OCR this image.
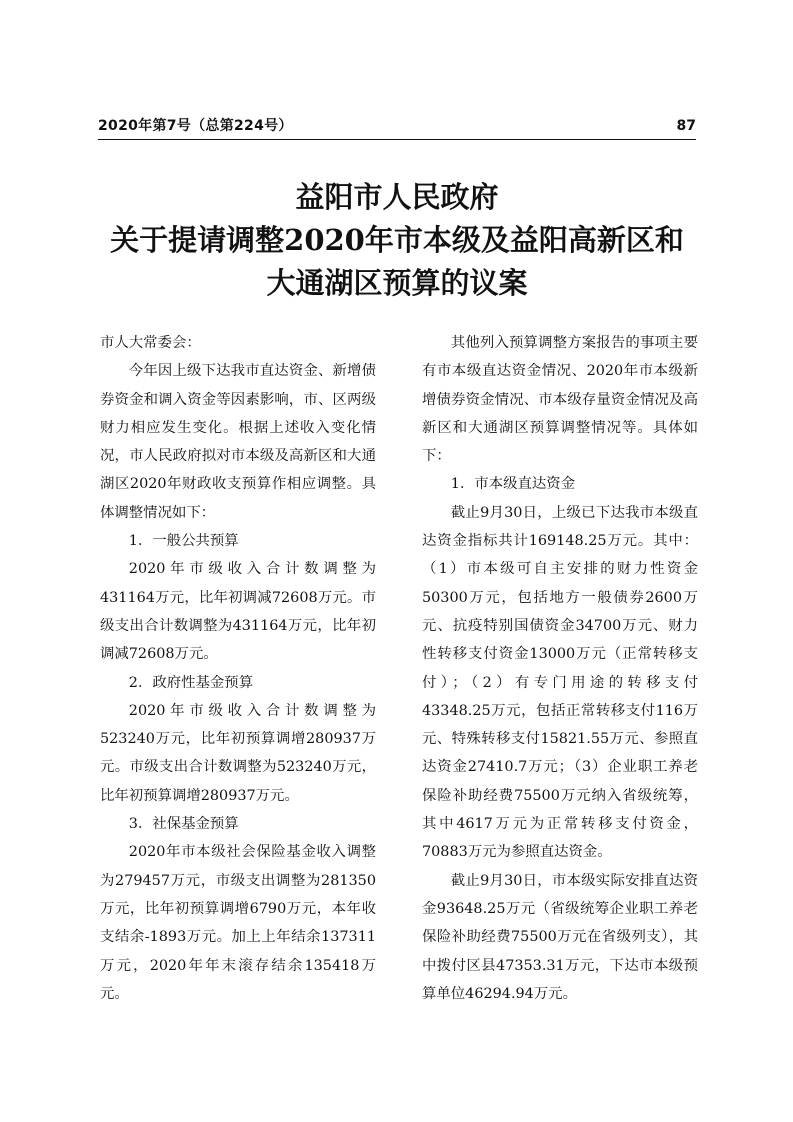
2020年第7号（总第224号）	87
益阳市人民政府
关于提请调整2020年市本级及益阳高新区和
大通湖区预算的议案

市人大常委会：

今年因上级下达我市直达资金、新增债券资金和调入资金等因素影响，市、区两级财力相应发生变化。根据上述收入变化情况，市人民政府拟对市本级及高新区和大通湖区2020年财政收支预算作相应调整。具体调整情况如下：

1．一般公共预算

2020年市级收入合计数调整为431164万元，比年初调减72608万元。市级支出合计数调整为431164万元，比年初调减72608万元。

2．政府性基金预算

2020年市级收入合计数调整为523240万元，比年初预算调增280937万元。市级支出合计数调整为523240万元，比年初预算调增280937万元。

3．社保基金预算

2020年市本级社会保险基金收入调整为279457万元，市级支出调整为281350万元，比年初预算调增6790万元，本年收支结余-1893万元。加上上年结余137311万元，2020年年末滚存结余135418万元。

其他列入预算调整方案报告的事项主要有市本级直达资金情况、2020年市本级新增债券资金情况、市本级存量资金情况及高新区和大通湖区预算调整情况等。具体如下：

1．市本级直达资金

截止9月30日，上级已下达我市本级直达资金指标共计169148.25万元。其中：（1）市本级可自主安排的财力性资金50300万元，包括地方一般债券2600万元、抗疫特别国债资金34700万元、财力性转移支付资金13000万元（正常转移支付）；（2）有专门用途的转移支付43348.25万元，包括正常转移支付116万元、特殊转移支付15821.55万元、参照直达资金27410.7万元；（3）企业职工养老保险补助经费75500万元纳入省级统筹，其中4617万元为正常转移支付资金，70883万元为参照直达资金。

截止9月30日，市本级实际安排直达资金93648.25万元（省级统筹企业职工养老保险补助经费75500万元在省级列支），其中拨付区县47353.31万元，下达市本级预算单位46294.94万元。
